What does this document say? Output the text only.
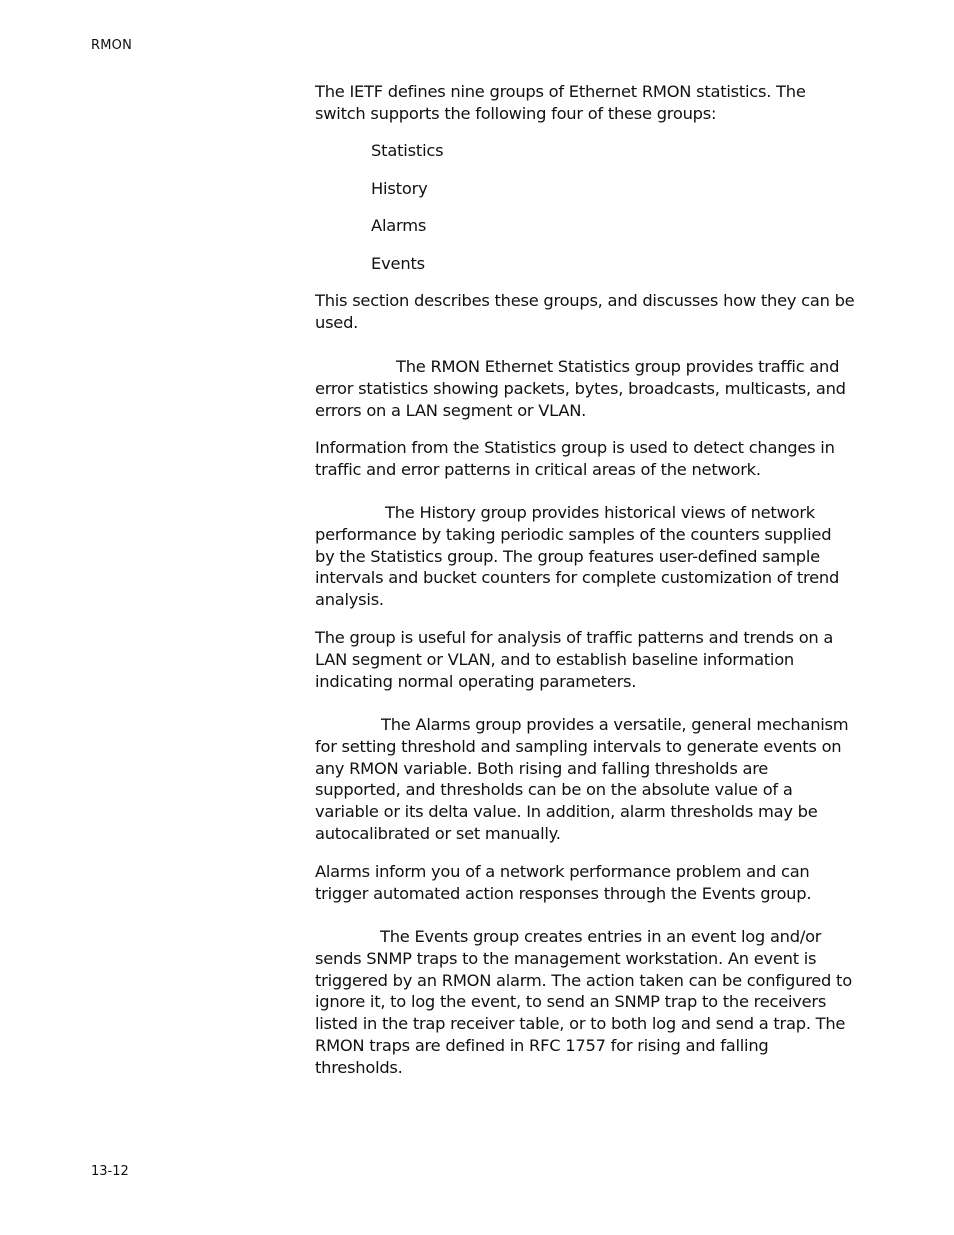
RMON

The IETF defines nine groups of Ethernet RMON statistics. The switch supports the following four of these groups:

Statistics
History
Alarms
Events

This section describes these groups, and discusses how they can be used.

The RMON Ethernet Statistics group provides traffic and error statistics showing packets, bytes, broadcasts, multicasts, and errors on a LAN segment or VLAN.

Information from the Statistics group is used to detect changes in traffic and error patterns in critical areas of the network.

The History group provides historical views of network performance by taking periodic samples of the counters supplied by the Statistics group. The group features user-defined sample intervals and bucket counters for complete customization of trend analysis.

The group is useful for analysis of traffic patterns and trends on a LAN segment or VLAN, and to establish baseline information indicating normal operating parameters.

The Alarms group provides a versatile, general mechanism for setting threshold and sampling intervals to generate events on any RMON variable. Both rising and falling thresholds are supported, and thresholds can be on the absolute value of a variable or its delta value. In addition, alarm thresholds may be autocalibrated or set manually.

Alarms inform you of a network performance problem and can trigger automated action responses through the Events group.

The Events group creates entries in an event log and/or sends SNMP traps to the management workstation. An event is triggered by an RMON alarm. The action taken can be configured to ignore it, to log the event, to send an SNMP trap to the receivers listed in the trap receiver table, or to both log and send a trap. The RMON traps are defined in RFC 1757 for rising and falling thresholds.

13-12
